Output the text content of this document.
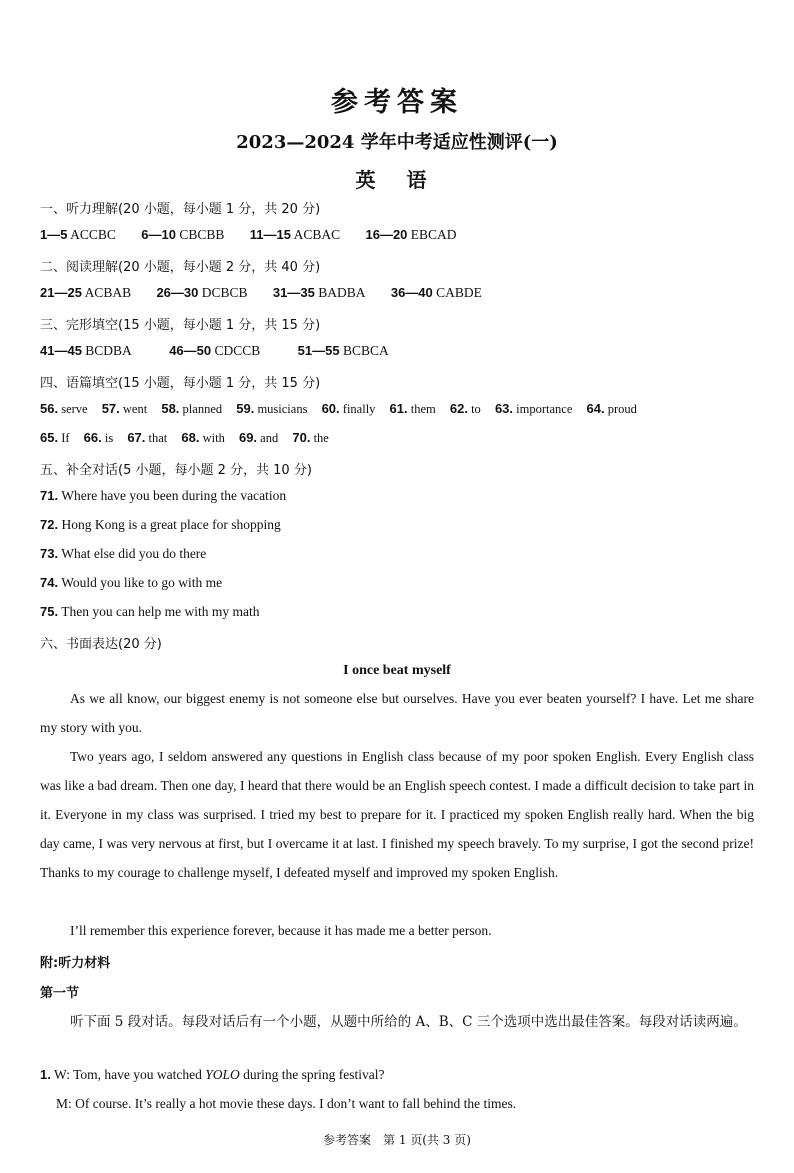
参考答案
2023—2024 学年中考适应性测评(一)
英 语
一、听力理解(20 小题，每小题 1 分，共 20 分)
1—5 ACCBC 6—10 CBCBB 11—15 ACBAC 16—20 EBCAD
二、阅读理解(20 小题，每小题 2 分，共 40 分)
21—25 ACBAB 26—30 DCBCB 31—35 BADBA 36—40 CABDE
三、完形填空(15 小题，每小题 1 分，共 15 分)
41—45 BCDBA	46—50 CDCCB	51—55 BCBCA
四、语篇填空(15 小题，每小题 1 分，共 15 分)
56. serve 57. went 58. planned 59. musicians 60. finally 61. them 62. to 63. importance 64. proud
65. If 66. is 67. that 68. with 69. and 70. the
五、补全对话(5 小题，每小题 2 分，共 10 分)
71. Where have you been during the vacation
72. Hong Kong is a great place for shopping
73. What else did you do there
74. Would you like to go with me
75. Then you can help me with my math
六、书面表达(20 分)
I once beat myself

As we all know, our biggest enemy is not someone else but ourselves. Have you ever beaten yourself? I have. Let me share my story with you.

Two years ago, I seldom answered any questions in English class because of my poor spoken English. Every English class was like a bad dream. Then one day, I heard that there would be an English speech contest. I made a difficult decision to take part in it. Everyone in my class was surprised. I tried my best to prepare for it. I practiced my spoken English really hard. When the big day came, I was very nervous at first, but I overcame it at last. I finished my speech bravely. To my surprise, I got the second prize! Thanks to my courage to challenge myself, I defeated myself and improved my spoken English.

I’ll remember this experience forever, because it has made me a better person.

附:听力材料
第一节

听下面 5 段对话。每段对话后有一个小题，从题中所给的 A、B、C 三个选项中选出最佳答案。每段对话读两遍。

1. W: Tom, have you watched YOLO during the spring festival?
M: Of course. It’s really a hot movie these days. I don’t want to fall behind the times.
参考答案　第 1 页(共 3 页)
